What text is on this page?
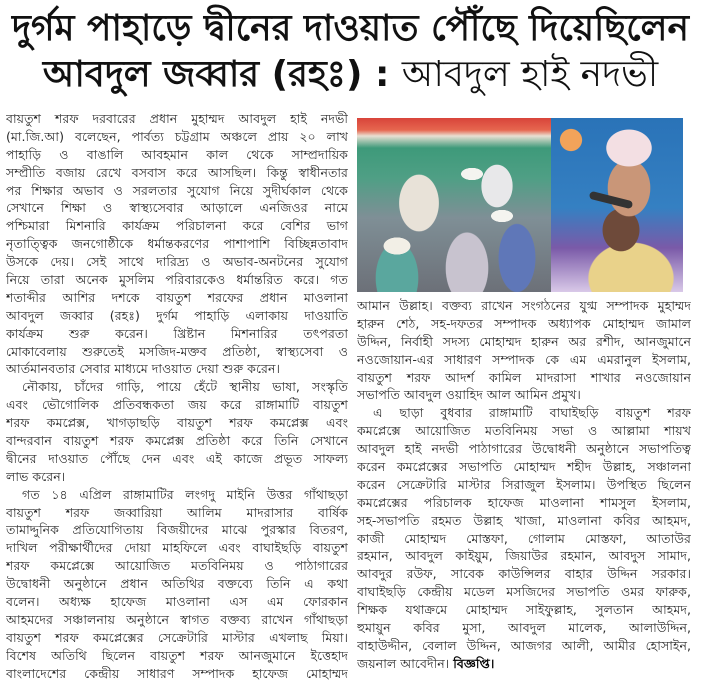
দুর্গম পাহাড়ে দ্বীনের দাওয়াত পৌঁছে দিয়েছিলেন
আবদুল জব্বার (রহঃ) : আবদুল হাই নদভী
বায়তুশ শরফ দরবারের প্রধান মুহাম্মদ আবদুল হাই নদভী
(মা.জি.আ) বলেছেন, পার্বত্য চট্টগ্রাম অঞ্চলে প্রায় ২০ লাখ
পাহাড়ি ও বাঙালি আবহমান কাল থেকে সাম্প্রদায়িক
সম্প্রীতি বজায় রেখে বসবাস করে আসছিল। কিন্তু স্বাধীনতার
পর শিক্ষার অভাব ও সরলতার সুযোগ নিয়ে সুদীর্ঘকাল থেকে
সেখানে শিক্ষা ও স্বাস্থ্যসেবার আড়ালে এনজিওর নামে
পশ্চিমারা মিশনারি কার্যক্রম পরিচালনা করে বেশির ভাগ
নৃতাত্ত্বিক জনগোষ্ঠীকে ধর্মান্তকরণের পাশাপাশি বিচ্ছিন্নতাবাদ
উসকে দেয়। সেই সাথে দারিদ্র্য ও অভাব-অনটনের সুযোগ
নিয়ে তারা অনেক মুসলিম পরিবারকেও ধর্মান্তরিত করে। গত
শতাব্দীর আশির দশকে বায়তুশ শরফের প্রধান মাওলানা
আবদুল জব্বার (রহঃ) দুর্গম পাহাড়ি এলাকায় দাওয়াতি
কার্যক্রম শুরু করেন। খ্রিষ্টান মিশনারির তৎপরতা
মোকাবেলায় শুরুতেই মসজিদ-মক্তব প্রতিষ্ঠা, স্বাস্থ্যসেবা ও
আর্তমানবতার সেবার মাধ্যমে দাওয়াত দেয়া শুরু করেন।
নৌকায়, চাঁদের গাড়ি, পায়ে হেঁটে স্থানীয় ভাষা, সংস্কৃতি
এবং ভৌগোলিক প্রতিবন্ধকতা জয় করে রাঙ্গামাটি বায়তুশ
শরফ কমপ্লেক্স, খাগড়াছড়ি বায়তুশ শরফ কমপ্লেক্স এবং
বান্দরবান বায়তুশ শরফ কমপ্লেক্স প্রতিষ্ঠা করে তিনি সেখানে
দ্বীনের দাওয়াত পৌঁছে দেন এবং এই কাজে প্রভূত সাফল্য
লাভ করেন।
গত ১৪ এপ্রিল রাঙ্গামাটির লংগদু মাইনি উত্তর গাঁথাছড়া
বায়তুশ শরফ জব্বারিয়া আলিম মাদরাসার বার্ষিক
তামাদ্দুনিক প্রতিযোগিতায় বিজয়ীদের মাঝে পুরস্কার বিতরণ,
দাখিল পরীক্ষার্থীদের দোয়া মাহফিলে এবং বাঘাইছড়ি বায়তুশ
শরফ কমপ্লেক্সে আয়োজিত মতবিনিময় ও পাঠাগারের
উদ্বোধনী অনুষ্ঠানে প্রধান অতিথির বক্তব্যে তিনি এ কথা
বলেন। অধ্যক্ষ হাফেজ মাওলানা এস এম ফোরকান
আহমদের সঞ্চালনায় অনুষ্ঠানে স্বাগত বক্তব্য রাখেন গাঁথাছড়া
বায়তুশ শরফ কমপ্লেক্সের সেক্রেটারি মাস্টার এখলাছ মিয়া।
বিশেষ অতিথি ছিলেন বায়তুশ শরফ আনজুমানে ইত্তেহাদ
বাংলাদেশের কেন্দ্রীয় সাধারণ সম্পাদক হাফেজ মোহাম্মদ
আমান উল্লাহ। বক্তব্য রাখেন সংগঠনের যুগ্ম সম্পাদক মুহাম্মদ
হারুন শেঠ, সহ-দফতর সম্পাদক অধ্যাপক মোহাম্মদ জামাল
উদ্দিন, নির্বাহী সদস্য মোহাম্মদ হারুন অর রশীদ, আনজুমানে
নওজোয়ান-এর সাধারণ সম্পাদক কে এম এমরানুল ইসলাম,
বায়তুশ শরফ আদর্শ কামিল মাদরাসা শাখার নওজোয়ান
সভাপতি আবদুল ওয়াহিদ আল আমিন প্রমুখ।
এ ছাড়া বুধবার রাঙ্গামাটি বাঘাইছড়ি বায়তুশ শরফ
কমপ্লেক্সে আয়োজিত মতবিনিময় সভা ও আল্লামা শায়খ
আবদুল হাই নদভী পাঠাগারের উদ্বোধনী অনুষ্ঠানে সভাপতিত্ব
করেন কমপ্লেক্সের সভাপতি মোহাম্মদ শহীদ উল্লাহ, সঞ্চালনা
করেন সেক্রেটারি মাস্টার সিরাজুল ইসলাম। উপস্থিত ছিলেন
কমপ্লেক্সের পরিচালক হাফেজ মাওলানা শামসুল ইসলাম,
সহ-সভাপতি রহমত উল্লাহ খাজা, মাওলানা কবির আহমদ,
কাজী মোহাম্মদ মোস্তফা, গোলাম মোস্তফা, আতাউর
রহমান, আবদুল কাইয়ুম, জিয়াউর রহমান, আবদুস সামাদ,
আবদুর রউফ, সাবেক কাউন্সিলর বাহার উদ্দিন সরকার।
বাঘাইছড়ি কেন্দ্রীয় মডেল মসজিদের সভাপতি ওমর ফারুক,
শিক্ষক যথাক্রমে মোহাম্মদ সাইফুল্লাহ, সুলতান আহমদ,
হুমায়ুন কবির মুসা, আবদুল মালেক, আলাউদ্দিন,
বাহাউদ্দীন, বেলাল উদ্দিন, আজগর আলী, আমীর হোসাইন,
জয়নাল আবেদীন। বিজ্ঞপ্তি।
